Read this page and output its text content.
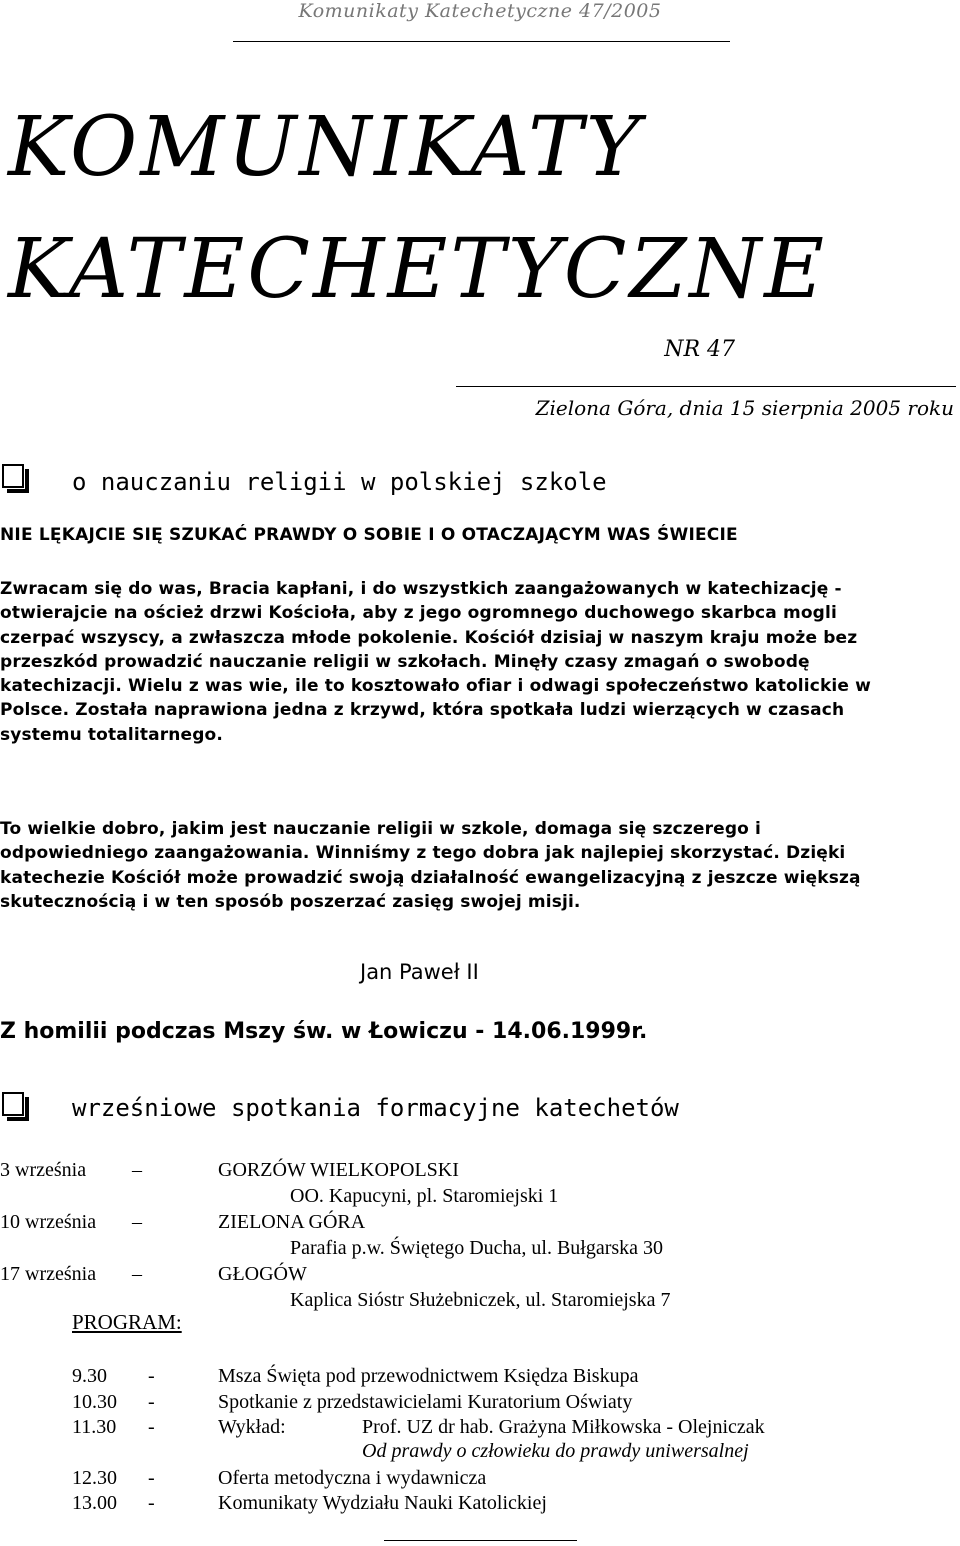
Komunikaty Katechetyczne 47/2005
KOMUNIKATY
KATECHETYCZNE
NR 47
Zielona Góra, dnia 15 sierpnia 2005 roku
o nauczaniu religii w polskiej szkole
NIE LĘKAJCIE SIĘ SZUKAĆ PRAWDY O SOBIE I O OTACZAJĄCYM WAS ŚWIECIE
Zwracam się do was, Bracia kapłani, i do wszystkich zaangażowanych w katechizację -
otwierajcie na oścież drzwi Kościoła, aby z jego ogromnego duchowego skarbca mogli
czerpać wszyscy, a zwłaszcza młode pokolenie. Kościół dzisiaj w naszym kraju może bez
przeszkód prowadzić nauczanie religii w szkołach. Minęły czasy zmagań o swobodę
katechizacji. Wielu z was wie, ile to kosztowało ofiar i odwagi społeczeństwo katolickie w
Polsce. Została naprawiona jedna z krzywd, która spotkała ludzi wierzących w czasach
systemu totalitarnego.
To wielkie dobro, jakim jest nauczanie religii w szkole, domaga się szczerego i
odpowiedniego zaangażowania. Winniśmy z tego dobra jak najlepiej skorzystać. Dzięki
katechezie Kościół może prowadzić swoją działalność ewangelizacyjną z jeszcze większą
skutecznością i w ten sposób poszerzać zasięg swojej misji.
Jan Paweł II
Z homilii podczas Mszy św. w Łowiczu - 14.06.1999r.
wrześniowe spotkania formacyjne katechetów
3 września –	GORZÓW WIELKOPOLSKI
OO. Kapucyni, pl. Staromiejski 1
10 września –	ZIELONA GÓRA
Parafia p.w. Świętego Ducha, ul. Bułgarska 30
17 września –	GŁOGÓW
Kaplica Sióstr Służebniczek, ul. Staromiejska 7
PROGRAM:
9.30 -	Msza Święta pod przewodnictwem Księdza Biskupa
10.30 -	Spotkanie z przedstawicielami Kuratorium Oświaty
11.30 -	Wykład:	Prof. UZ dr hab. Grażyna Miłkowska - Olejniczak
Od prawdy o człowieku do prawdy uniwersalnej
12.30 -	Oferta metodyczna i wydawnicza
13.00 -	Komunikaty Wydziału Nauki Katolickiej
